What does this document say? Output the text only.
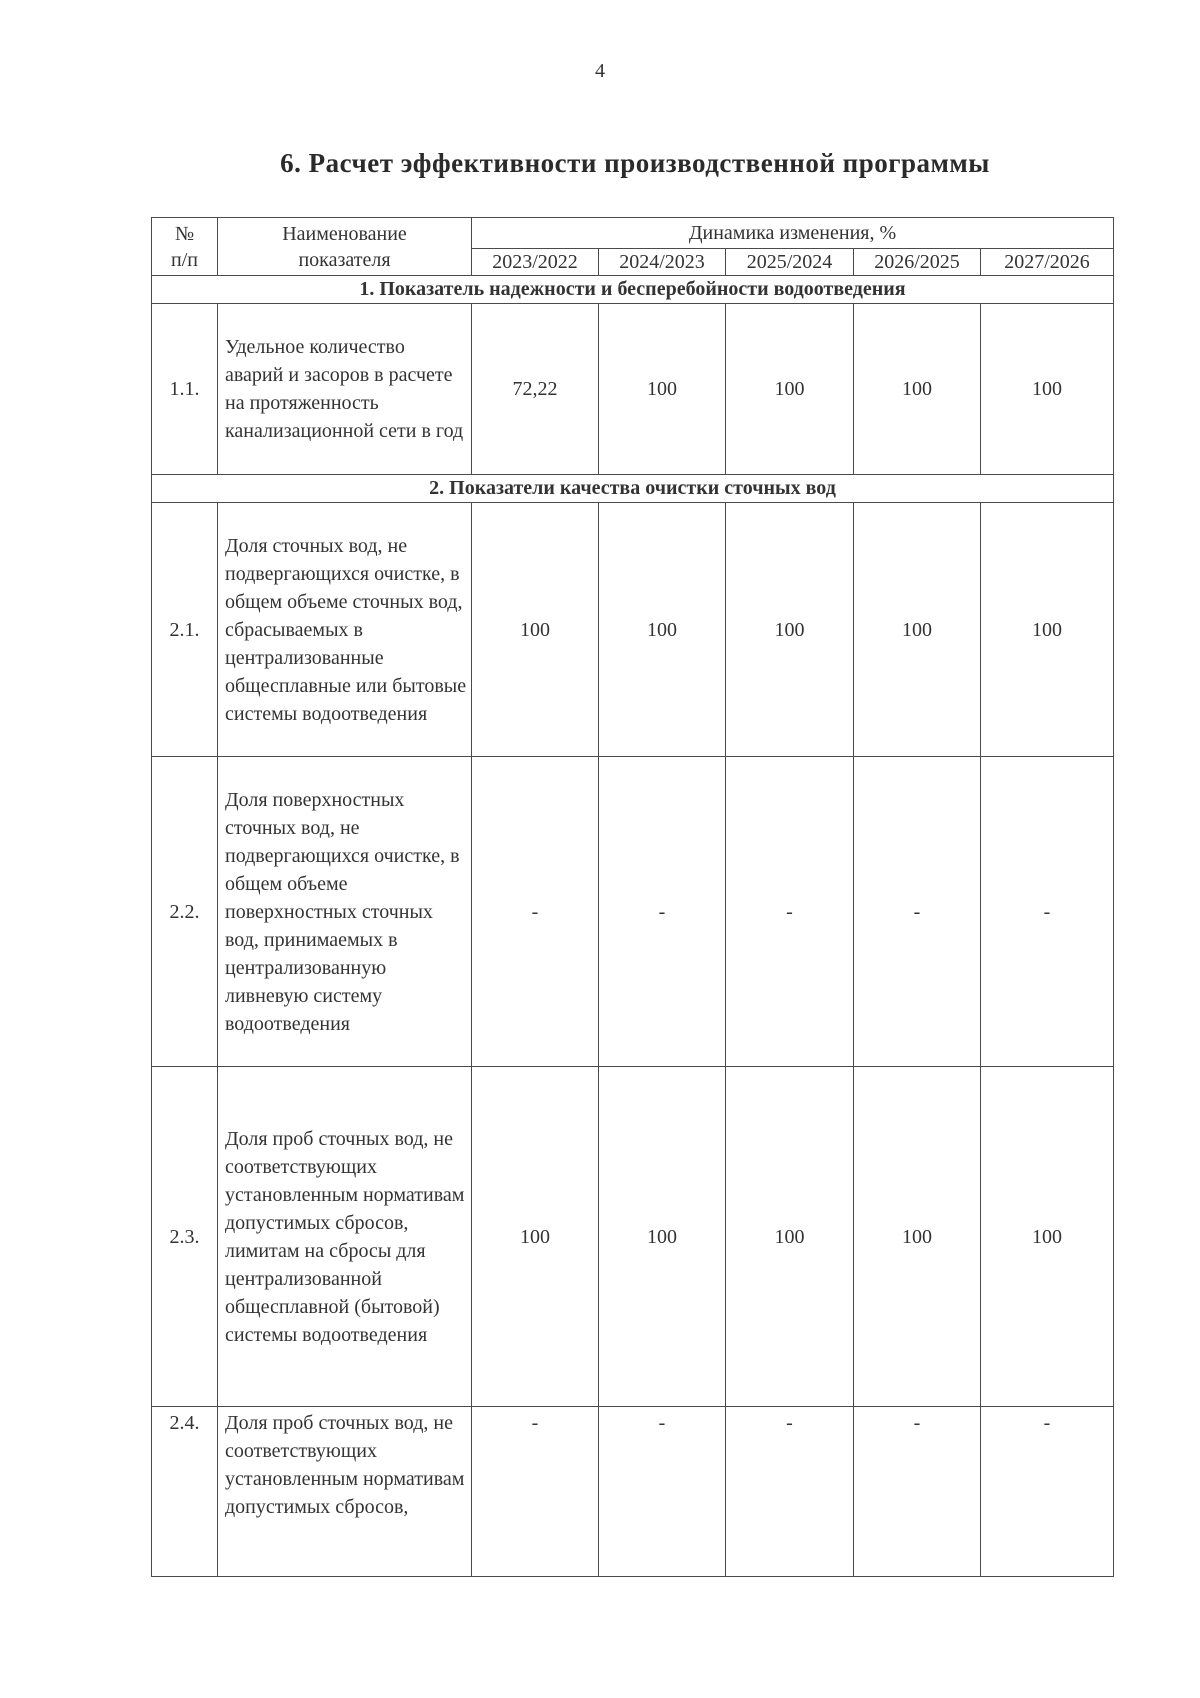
4
6. Расчет эффективности производственной программы
№ п/п	Наименование показателя	Динамика изменения, %				
		2023/2022	2024/2023	2025/2024	2026/2025	2027/2026
1. Показатель надежности и бесперебойности водоотведения						
1.1.	Удельное количество аварий и засоров в расчете на протяженность канализационной сети в год	72,22	100	100	100	100
2. Показатели качества очистки сточных вод						
2.1.	Доля сточных вод, не подвергающихся очистке, в общем объеме сточных вод, сбрасываемых в централизованные общесплавные или бытовые системы водоотведения	100	100	100	100	100
2.2.	Доля поверхностных сточных вод, не подвергающихся очистке, в общем объеме поверхностных сточных вод, принимаемых в централизованную ливневую систему водоотведения	-	-	-	-	-
2.3.	Доля проб сточных вод, не соответствующих установленным нормативам допустимых сбросов, лимитам на сбросы для централизованной общесплавной (бытовой) системы водоотведения	100	100	100	100	100
2.4.	Доля проб сточных вод, не соответствующих установленным нормативам допустимых сбросов,	-	-	-	-	-
